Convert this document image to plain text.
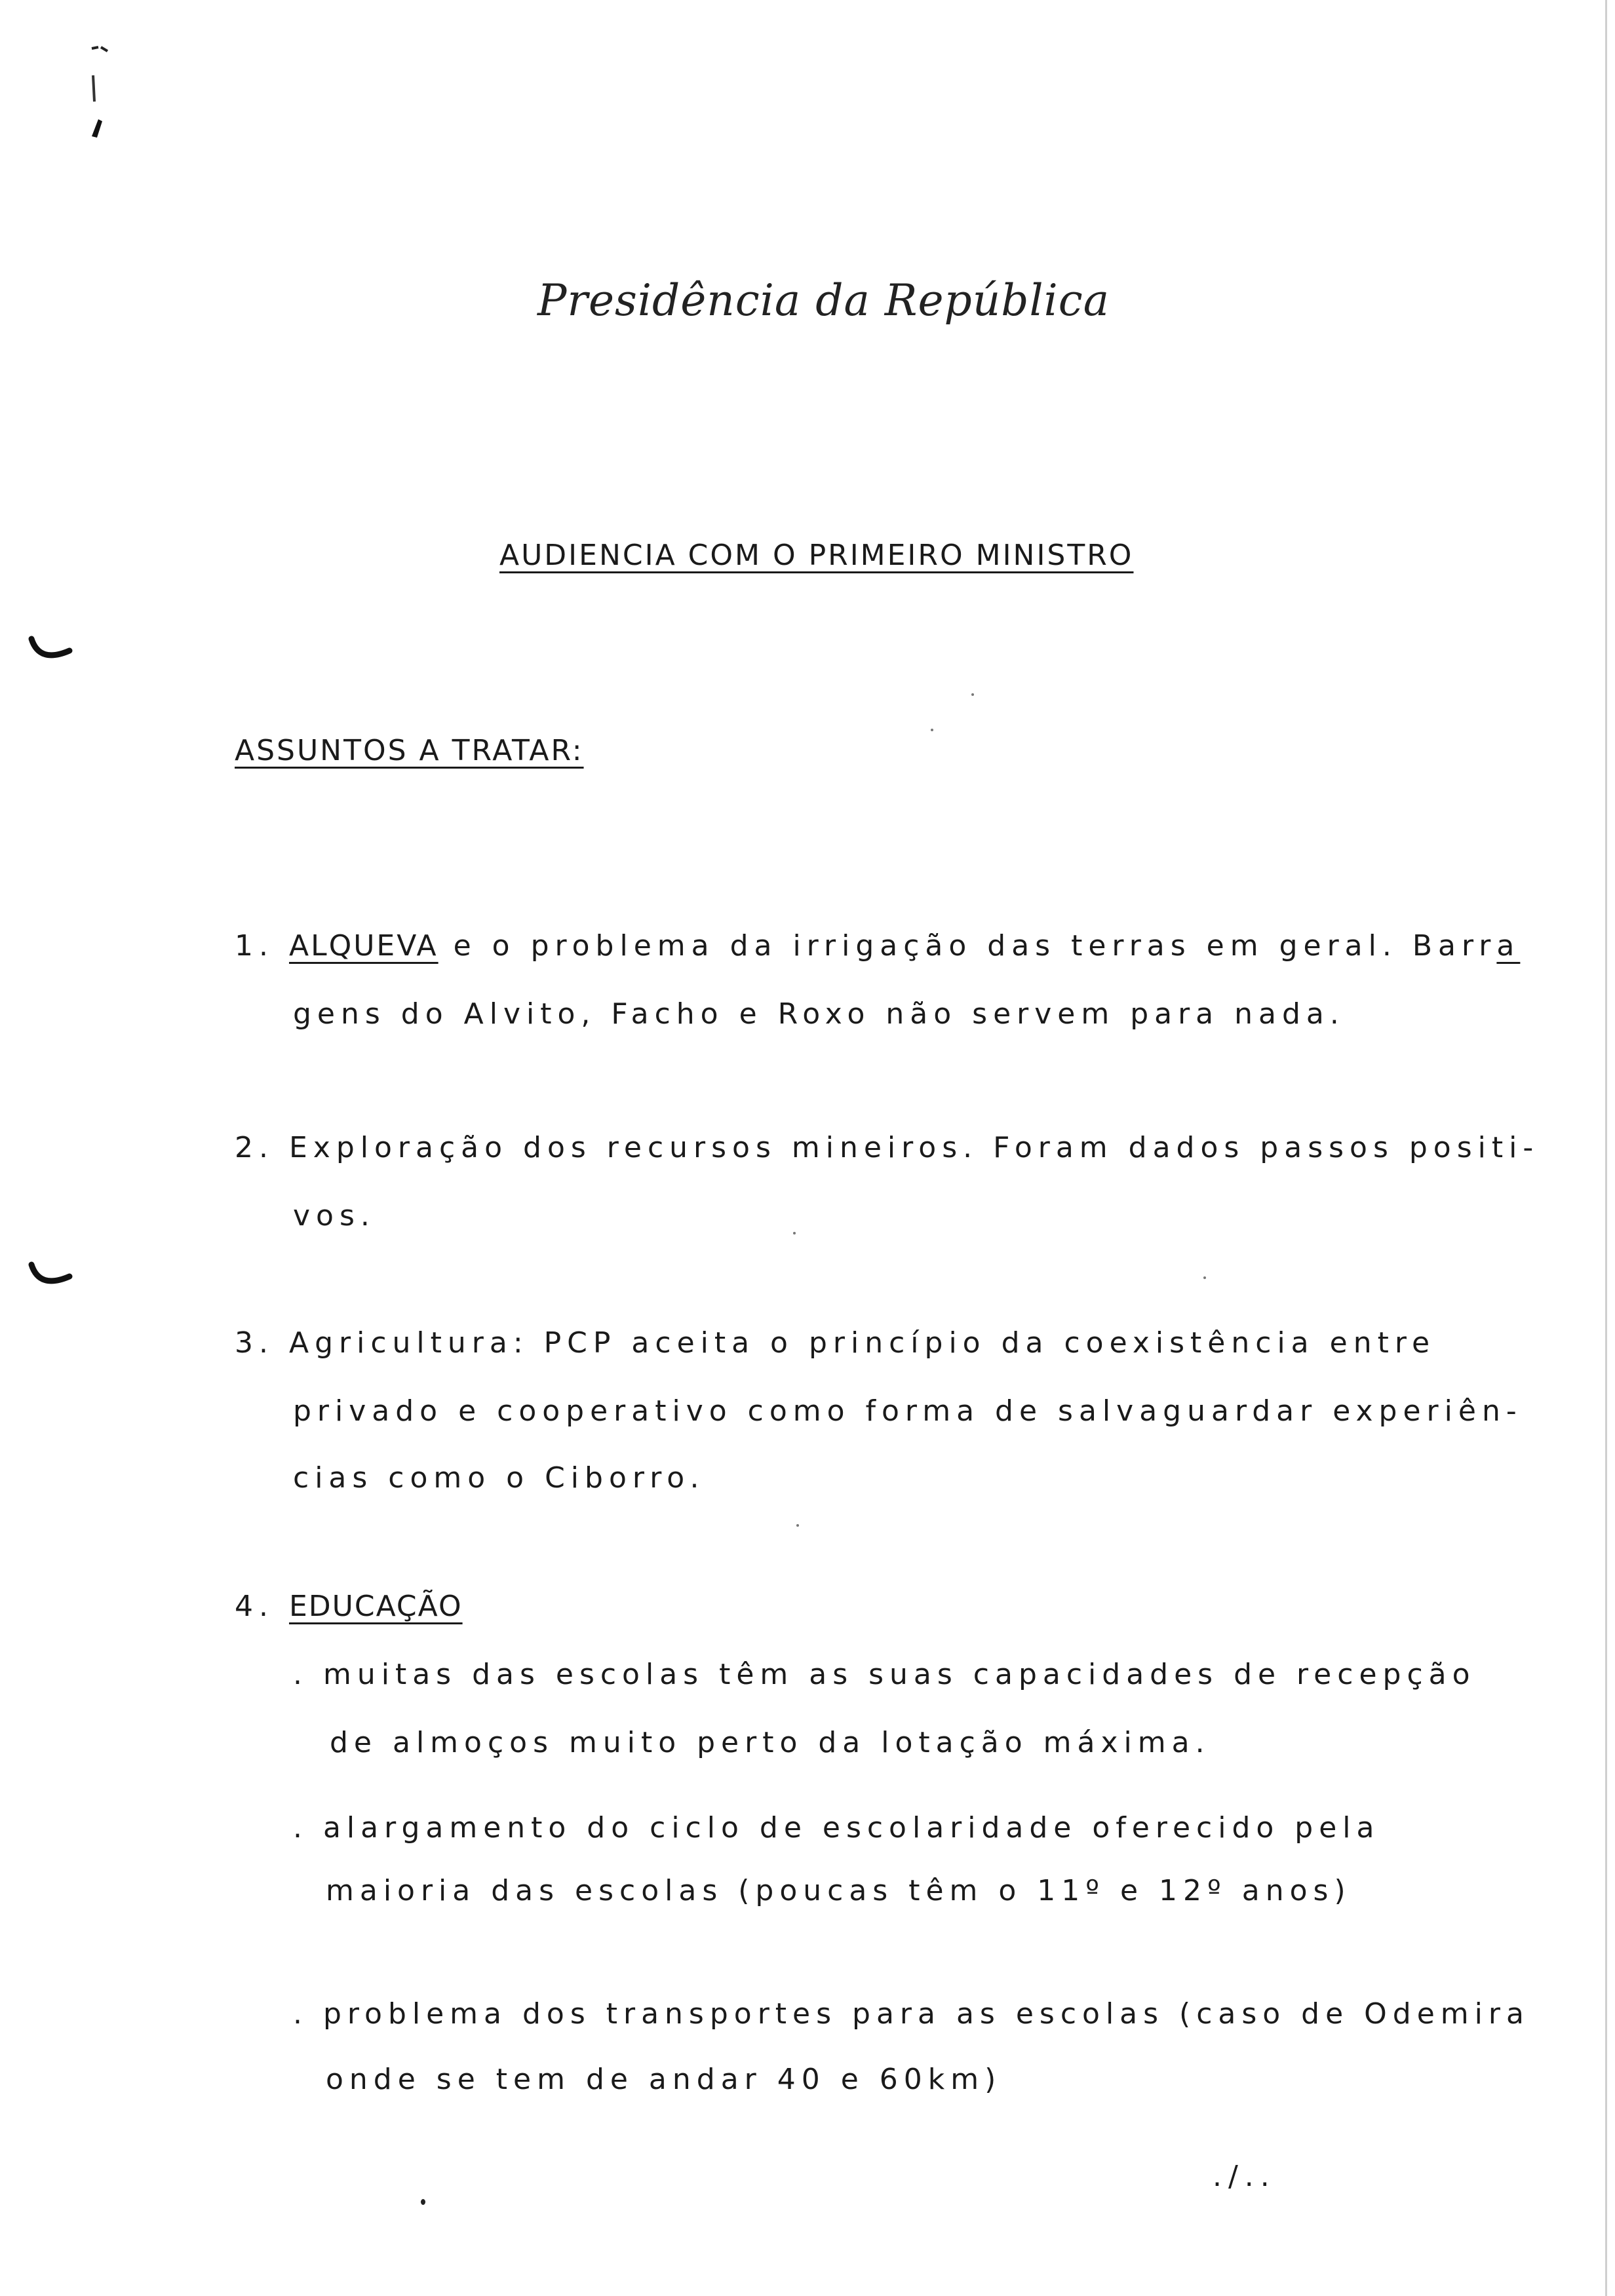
Presidência da República
AUDIENCIA COM O PRIMEIRO MINISTRO
ASSUNTOS A TRATAR:
1. ALQUEVA e o problema da irrigação das terras em geral. Barra
gens do Alvito, Facho e Roxo não servem para nada.
2. Exploração dos recursos mineiros. Foram dados passos positi-
vos.
3. Agricultura: PCP aceita o princípio da coexistência entre
privado e cooperativo como forma de salvaguardar experiên-
cias como o Ciborro.
4. EDUCAÇÃO
. muitas das escolas têm as suas capacidades de recepção
de almoços muito perto da lotação máxima.
. alargamento do ciclo de escolaridade oferecido pela
maioria das escolas (poucas têm o 11º e 12º anos)
. problema dos transportes para as escolas (caso de Odemira
onde se tem de andar 40 e 60km)
./..
